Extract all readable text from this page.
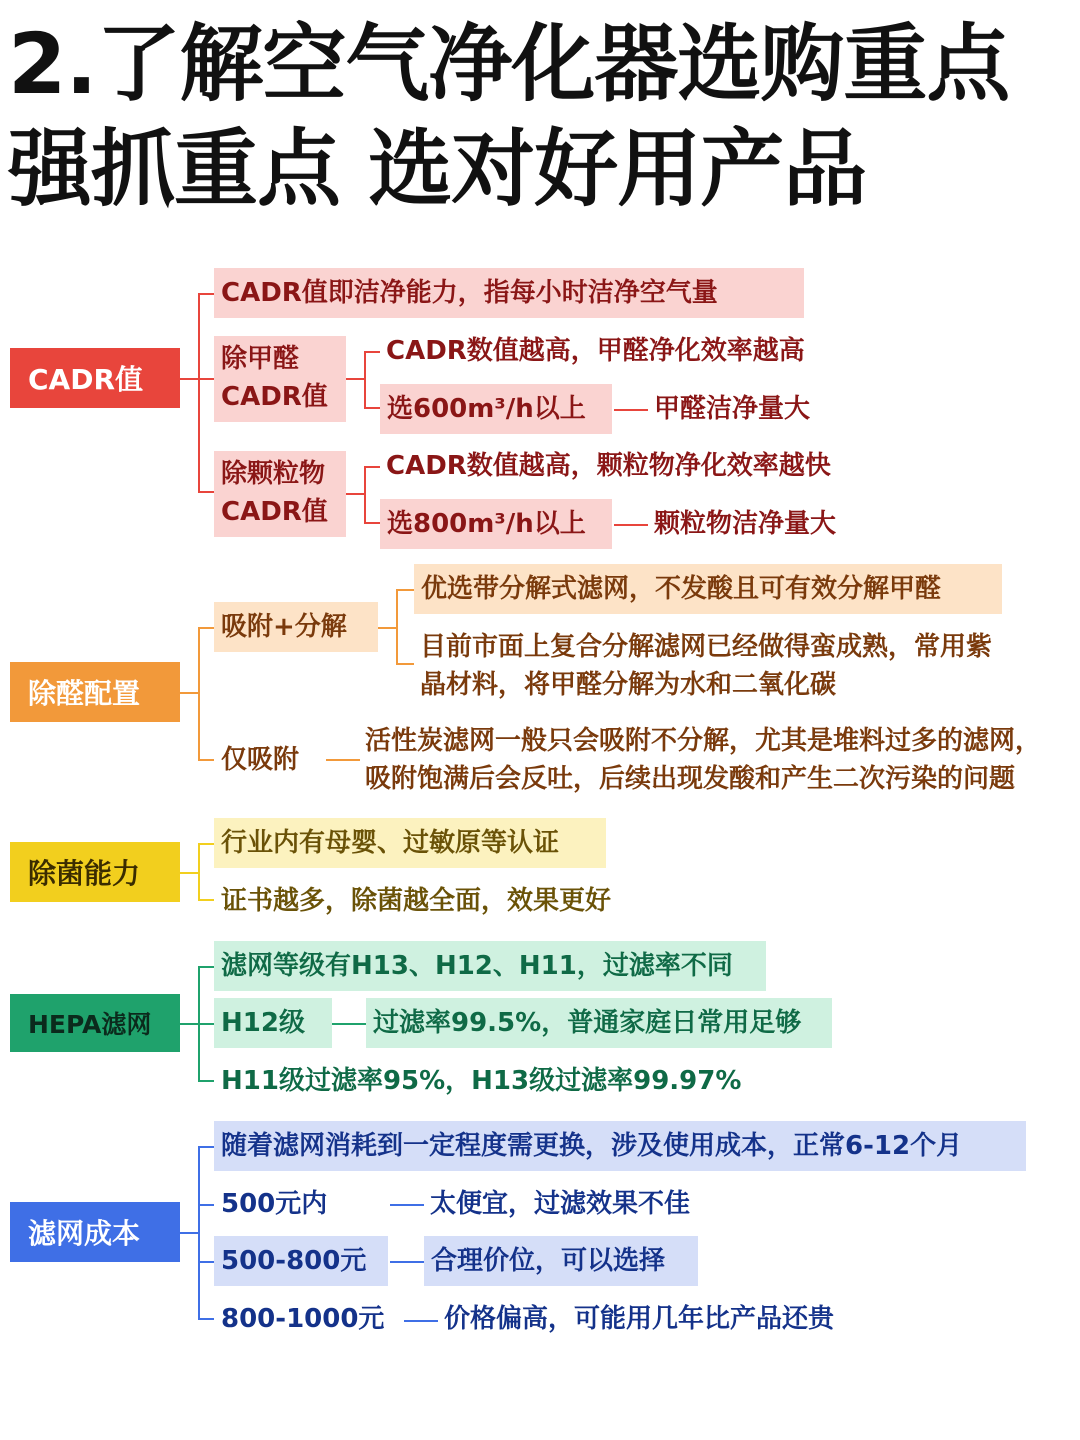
2.了解空气净化器选购重点
强抓重点 选对好用产品
CADR值
CADR值即洁净能力，指每小时洁净空气量
除甲醛
CADR值
CADR数值越高，甲醛净化效率越高
选600m³/h以上	甲醛洁净量大
除颗粒物
CADR值
CADR数值越高，颗粒物净化效率越快
选800m³/h以上	颗粒物洁净量大
除醛配置
吸附+分解
优选带分解式滤网，不发酸且可有效分解甲醛
目前市面上复合分解滤网已经做得蛮成熟，常用紫
晶材料，将甲醛分解为水和二氧化碳
仅吸附
活性炭滤网一般只会吸附不分解，尤其是堆料过多的滤网，
吸附饱满后会反吐，后续出现发酸和产生二次污染的问题
除菌能力
行业内有母婴、过敏原等认证
证书越多，除菌越全面，效果更好
HEPA滤网
滤网等级有H13、H12、H11，过滤率不同
H12级	过滤率99.5%，普通家庭日常用足够
H11级过滤率95%，H13级过滤率99.97%
滤网成本
随着滤网消耗到一定程度需更换，涉及使用成本，正常6-12个月
500元内	太便宜，过滤效果不佳
500-800元	合理价位，可以选择
800-1000元 价格偏高，可能用几年比产品还贵
